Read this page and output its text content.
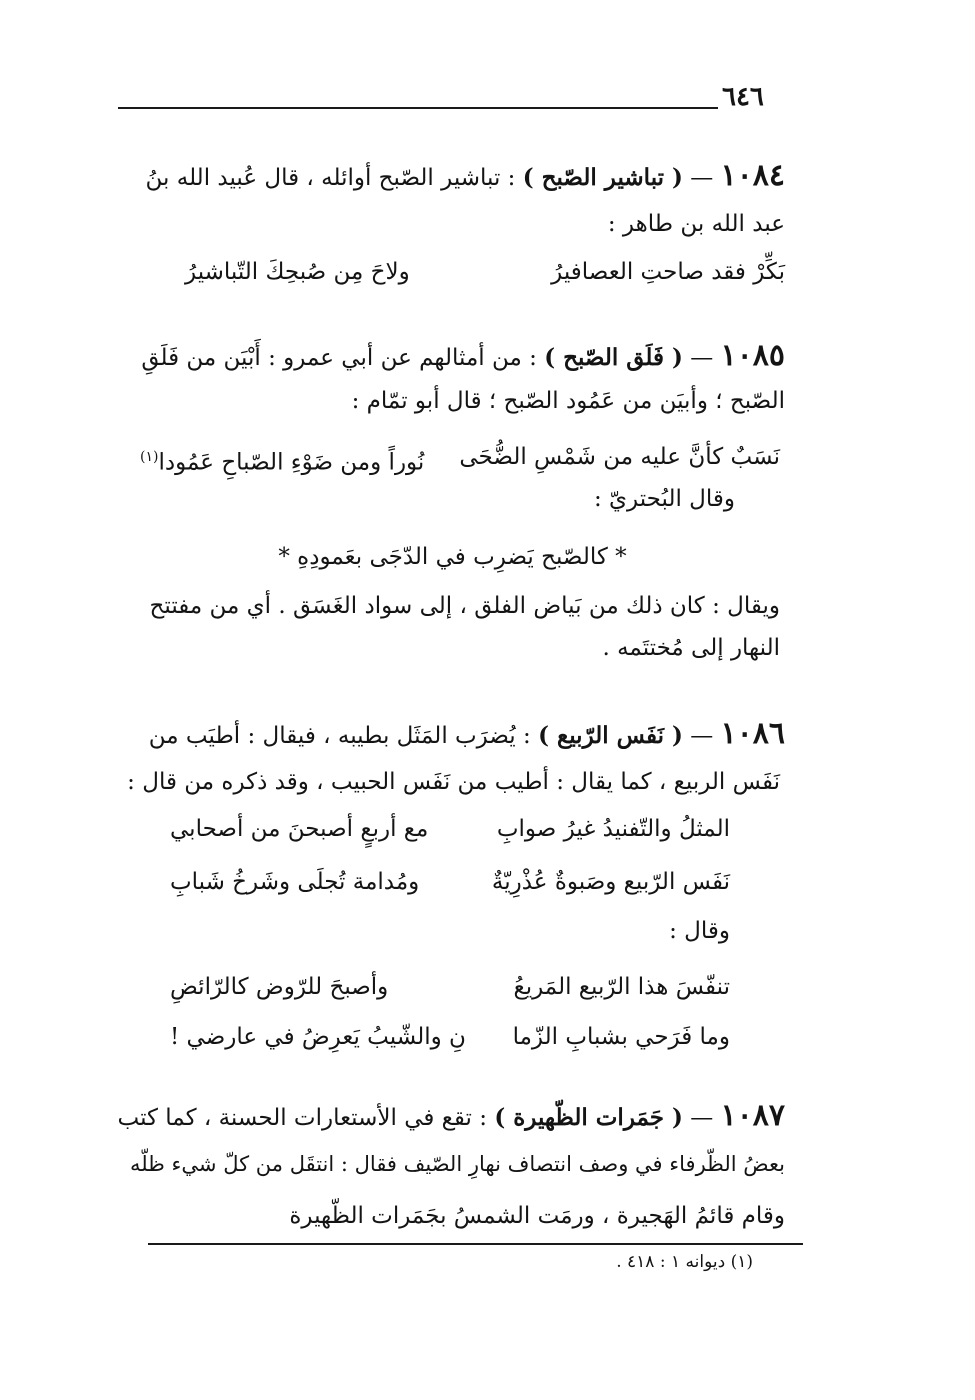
٦٤٦
١٠٨٤ — ( تباشير الصّبح ) : تباشير الصّبح أوائله ، قال عُبيد الله بنُ
عبد الله بن طاهر :
بَكِّرْ فقد صاحتِ العصافيرُ
ولاحَ مِن صُبحِكَ التّباشيرُ
١٠٨٥ — ( فَلَق الصّبح ) : من أمثالهم عن أبي عمرو : أَبْيَن من فَلَقِ
الصّبح ؛ وأبيَن من عَمُود الصّبح ؛ قال أبو تمّام :
نَسَبٌ كأنَّ عليه من شَمْسِ الضُّحَى
نُوراً ومن ضَوْءِ الصّباحِ عَمُودا$^{(١)}$
وقال البُحتريّ :
* كالصّبح يَضرِب في الدّجَى بعَمودِهِ *
ويقال : كان ذلك من بَياض الفلق ، إلى سواد الغَسَق . أي من مفتتح
النهار إلى مُختتَمه .
١٠٨٦ — ( نَفَس الرّبيع ) : يُضرَب المَثَل بطيبه ، فيقال : أطيَب من
نَفَس الربيع ، كما يقال : أطيب من نَفَس الحبيب ، وقد ذكره من قال :
المثلُ والتّفنيدُ غيرُ صوابِ
مع أربعٍ أصبحنَ من أصحابي
نَفَس الرّبيع وصَبوةٌ عُذْرِيّةٌ
ومُدامة تُجلَى وشَرخُ شَبابِ
وقال :
تنفّسَ هذا الرّبيع المَريعُ
وأصبحَ للرّوض كالرّائضِ
وما فَرَحي بشبابِ الزّما
نِ والشّيبُ يَعرِضُ في عارضي !
١٠٨٧ — ( جَمَرات الظّهيرة ) : تقع في الأستعارات الحسنة ، كما كتب
بعضُ الظّرفاء في وصف انتصاف نهارِ الصّيف فقال : انتقَل من كلّ شيء ظلّه
وقام قائمُ الهَجيرة ، ورمَت الشمسُ بجَمَرات الظّهيرة
(١) ديوانه ١ : ٤١٨ .
